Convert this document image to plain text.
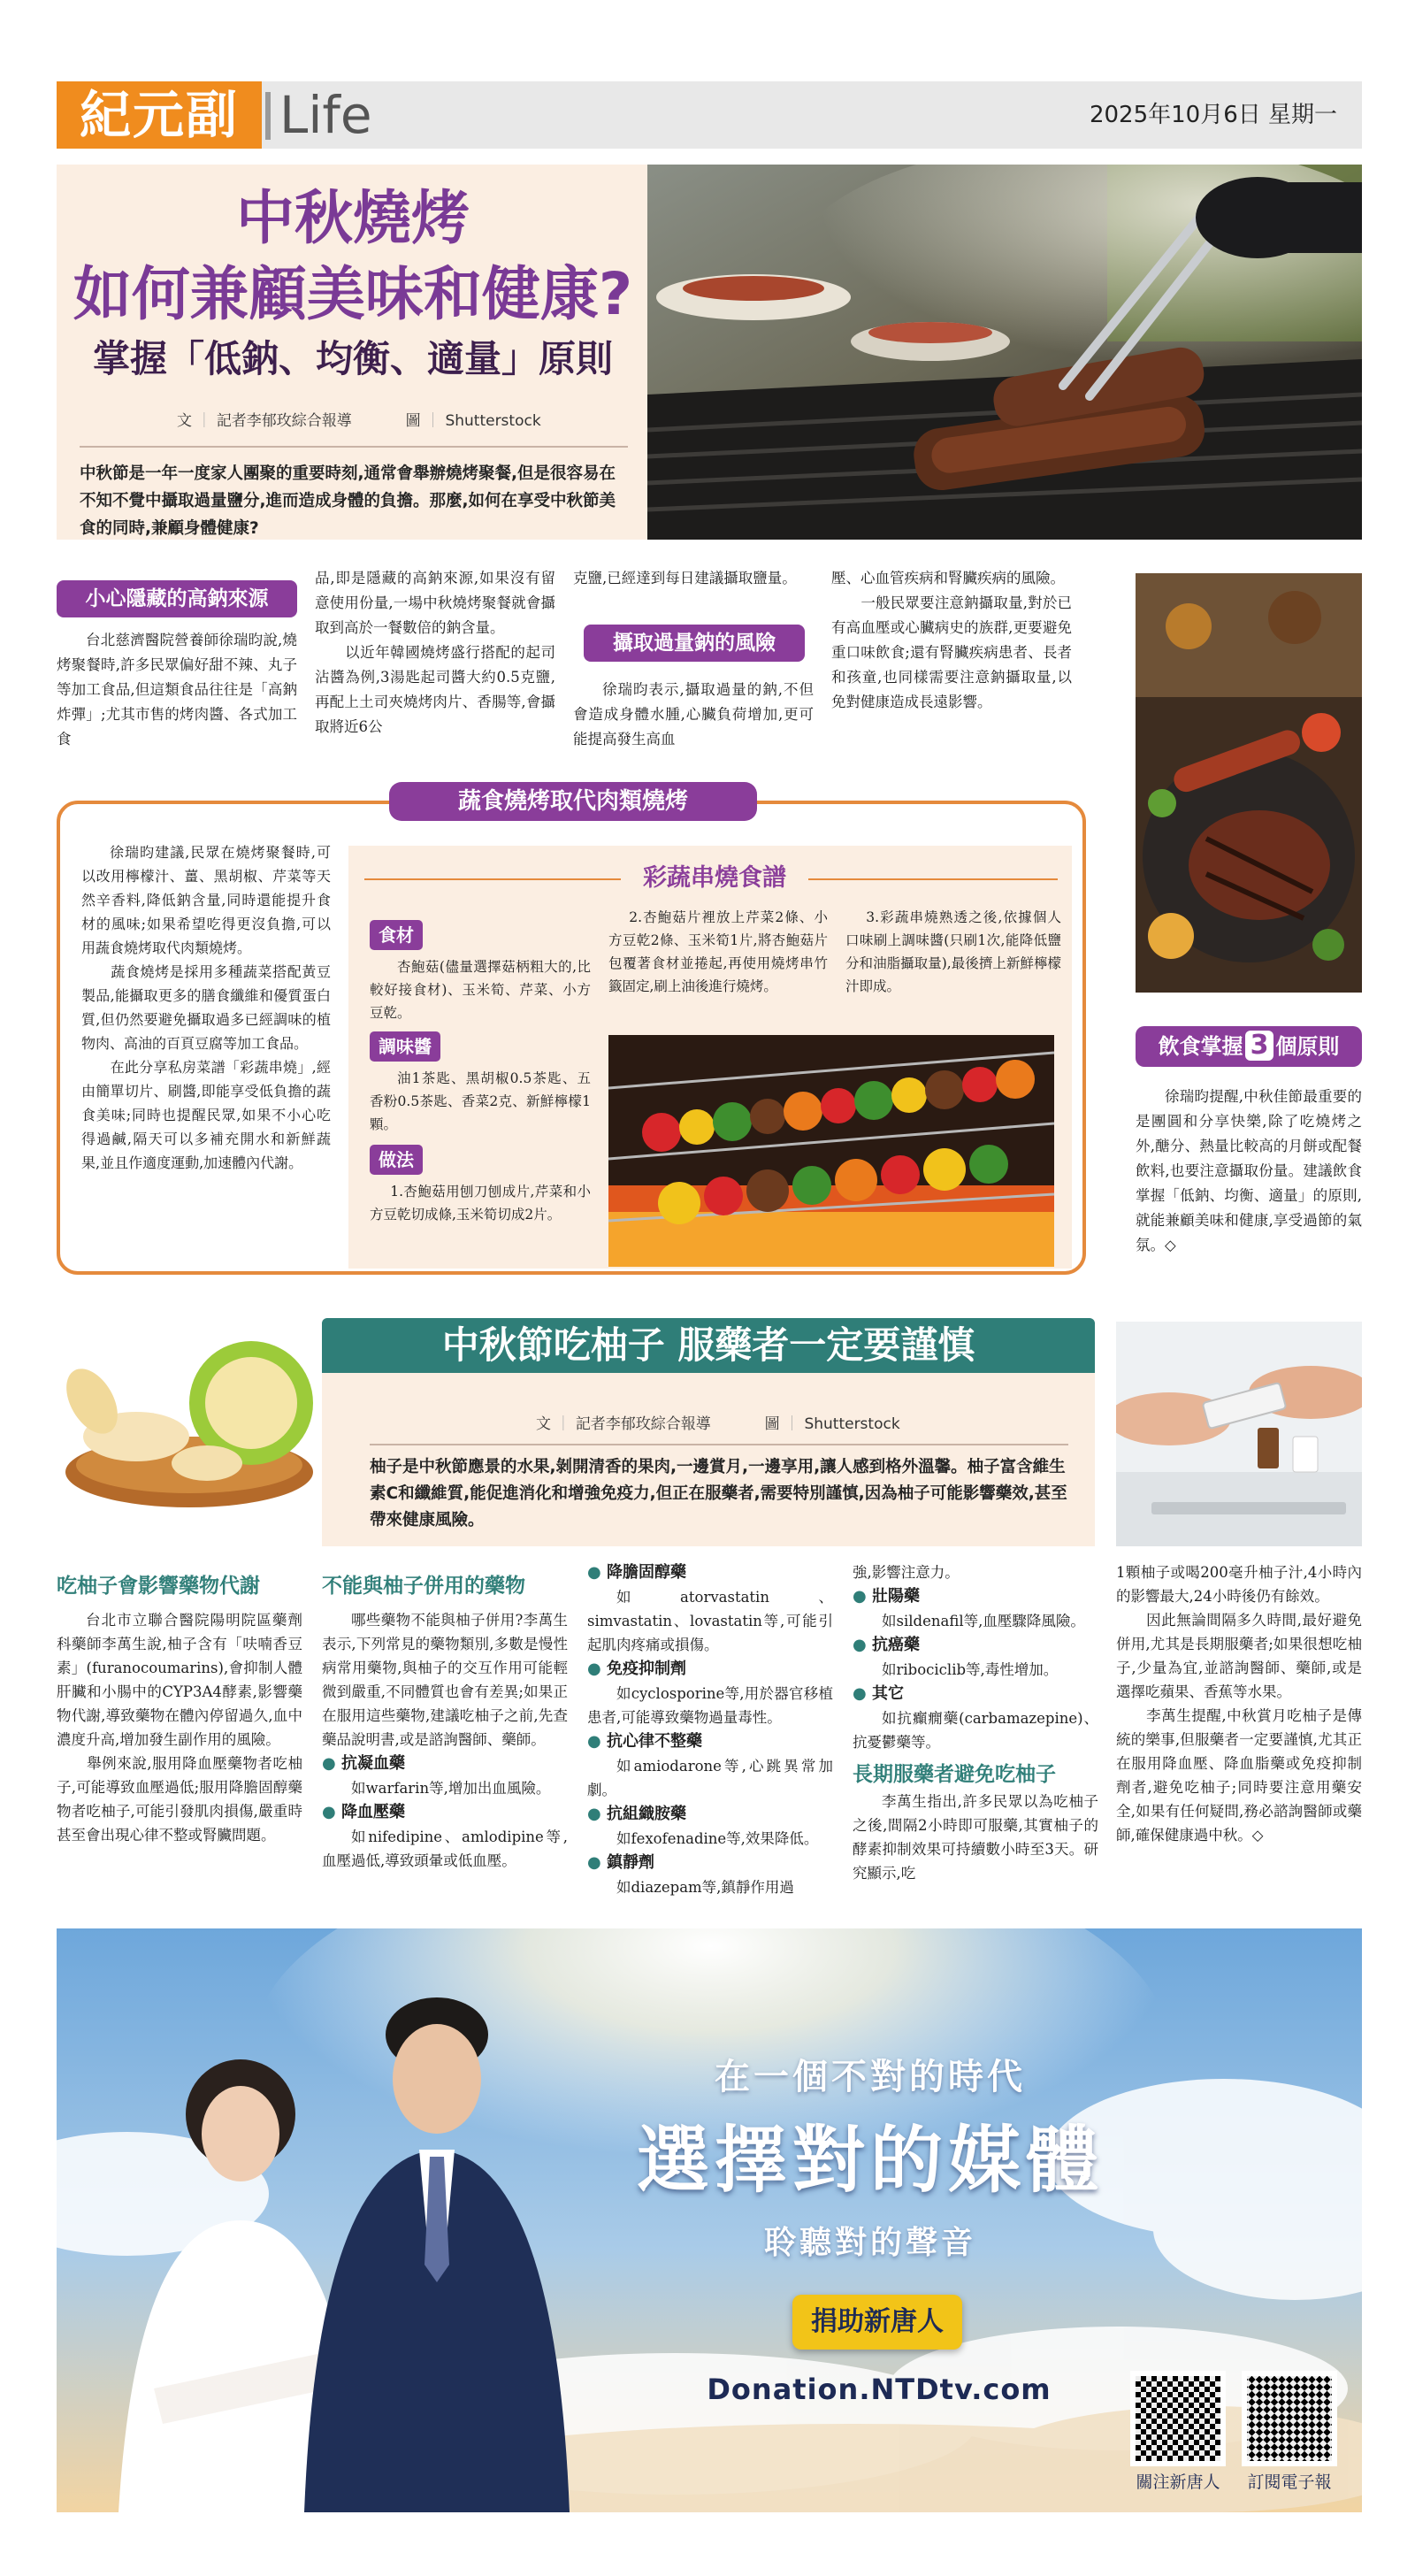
紀元副 Life	2025年10月6日 星期一
中秋燒烤
如何兼顧美味和健康?
掌握「低鈉、均衡、適量」原則
文 ｜ 記者李郁玫綜合報導	圖 ｜ Shutterstock
中秋節是一年一度家人團聚的重要時刻,通常會舉辦燒烤聚餐,但是很容易在不知不覺中攝取過量鹽分,進而造成身體的負擔。那麼,如何在享受中秋節美食的同時,兼顧身體健康?
小心隱藏的高鈉來源
台北慈濟醫院營養師徐瑞昀說,燒烤聚餐時,許多民眾偏好甜不辣、丸子等加工食品,但這類食品往往是「高鈉炸彈」;尤其市售的烤肉醬、各式加工食
品,即是隱藏的高鈉來源,如果沒有留意使用份量,一場中秋燒烤聚餐就會攝取到高於一餐數倍的鈉含量。
　　以近年韓國燒烤盛行搭配的起司沾醬為例,3湯匙起司醬大約0.5克鹽,再配上土司夾燒烤肉片、香腸等,會攝取將近6公
克鹽,已經達到每日建議攝取鹽量。
攝取過量鈉的風險
徐瑞昀表示,攝取過量的鈉,不但會造成身體水腫,心臟負荷增加,更可能提高發生高血
壓、心血管疾病和腎臟疾病的風險。
　　一般民眾要注意鈉攝取量,對於已有高血壓或心臟病史的族群,更要避免重口味飲食;還有腎臟疾病患者、長者和孩童,也同樣需要注意鈉攝取量,以免對健康造成長遠影響。
蔬食燒烤取代肉類燒烤
徐瑞昀建議,民眾在燒烤聚餐時,可以改用檸檬汁、薑、黑胡椒、芹菜等天然辛香料,降低鈉含量,同時還能提升食材的風味;如果希望吃得更沒負擔,可以用蔬食燒烤取代肉類燒烤。
　　蔬食燒烤是採用多種蔬菜搭配黃豆製品,能攝取更多的膳食纖維和優質蛋白質,但仍然要避免攝取過多已經調味的植物肉、高油的百頁豆腐等加工食品。
　　在此分享私房菜譜「彩蔬串燒」,經由簡單切片、刷醬,即能享受低負擔的蔬食美味;同時也提醒民眾,如果不小心吃得過鹹,隔天可以多補充開水和新鮮蔬果,並且作適度運動,加速體內代謝。
彩蔬串燒食譜
食材
杏鮑菇(儘量選擇菇柄粗大的,比較好接食材)、玉米筍、芹菜、小方豆乾。
調味醬
油1茶匙、黑胡椒0.5茶匙、五香粉0.5茶匙、香菜2克、新鮮檸檬1顆。
做法
1.杏鮑菇用刨刀刨成片,芹菜和小方豆乾切成條,玉米筍切成2片。
2.杏鮑菇片裡放上芹菜2條、小方豆乾2條、玉米筍1片,將杏鮑菇片包覆著食材並捲起,再使用燒烤串竹籤固定,刷上油後進行燒烤。
3.彩蔬串燒熟透之後,依據個人口味刷上調味醬(只刷1次,能降低鹽分和油脂攝取量),最後擠上新鮮檸檬汁即成。
飲食掌握 3 個原則
徐瑞昀提醒,中秋佳節最重要的是團圓和分享快樂,除了吃燒烤之外,醣分、熱量比較高的月餅或配餐飲料,也要注意攝取份量。建議飲食掌握「低鈉、均衡、適量」的原則,就能兼顧美味和健康,享受過節的氣氛。◇
中秋節吃柚子 服藥者一定要謹慎
文 ｜ 記者李郁玫綜合報導	圖 ｜ Shutterstock
柚子是中秋節應景的水果,剝開清香的果肉,一邊賞月,一邊享用,讓人感到格外溫馨。柚子富含維生素C和纖維質,能促進消化和增強免疫力,但正在服藥者,需要特別謹慎,因為柚子可能影響藥效,甚至帶來健康風險。
吃柚子會影響藥物代謝

台北市立聯合醫院陽明院區藥劑科藥師李萬生說,柚子含有「呋喃香豆素」(furanocoumarins),會抑制人體肝臟和小腸中的CYP3A4酵素,影響藥物代謝,導致藥物在體內停留過久,血中濃度升高,增加發生副作用的風險。
　　舉例來說,服用降血壓藥物者吃柚子,可能導致血壓過低;服用降膽固醇藥物者吃柚子,可能引發肌肉損傷,嚴重時甚至會出現心律不整或腎臟問題。

不能與柚子併用的藥物

哪些藥物不能與柚子併用?李萬生表示,下列常見的藥物類別,多數是慢性病常用藥物,與柚子的交互作用可能輕微到嚴重,不同體質也會有差異;如果正在服用這些藥物,建議吃柚子之前,先查藥品說明書,或是諮詢醫師、藥師。

● 抗凝血藥

如warfarin等,增加出血風險。

● 降血壓藥

如nifedipine、amlodipine等,血壓過低,導致頭暈或低血壓。

● 降膽固醇藥

如atorvastatin、simvastatin、lovastatin等,可能引起肌肉疼痛或損傷。

● 免疫抑制劑

如cyclosporine等,用於器官移植患者,可能導致藥物過量毒性。

● 抗心律不整藥

如amiodarone等,心跳異常加劇。

● 抗組織胺藥

如fexofenadine等,效果降低。

● 鎮靜劑

如diazepam等,鎮靜作用過

強,影響注意力。

● 壯陽藥

如sildenafil等,血壓驟降風險。

● 抗癌藥

如ribociclib等,毒性增加。

● 其它

如抗癲癇藥(carbamazepine)、抗憂鬱藥等。

長期服藥者避免吃柚子

李萬生指出,許多民眾以為吃柚子之後,間隔2小時即可服藥,其實柚子的酵素抑制效果可持續數小時至3天。研究顯示,吃

1顆柚子或喝200毫升柚子汁,4小時內的影響最大,24小時後仍有餘效。
　　因此無論間隔多久時間,最好避免併用,尤其是長期服藥者;如果很想吃柚子,少量為宜,並諮詢醫師、藥師,或是選擇吃蘋果、香蕉等水果。
　　李萬生提醒,中秋賞月吃柚子是傳統的樂事,但服藥者一定要謹慎,尤其正在服用降血壓、降血脂藥或免疫抑制劑者,避免吃柚子;同時要注意用藥安全,如果有任何疑問,務必諮詢醫師或藥師,確保健康過中秋。◇

在一個不對的時代
選擇對的媒體
聆聽對的聲音
捐助新唐人
Donation.NTDtv.com
關注新唐人	訂閱電子報
